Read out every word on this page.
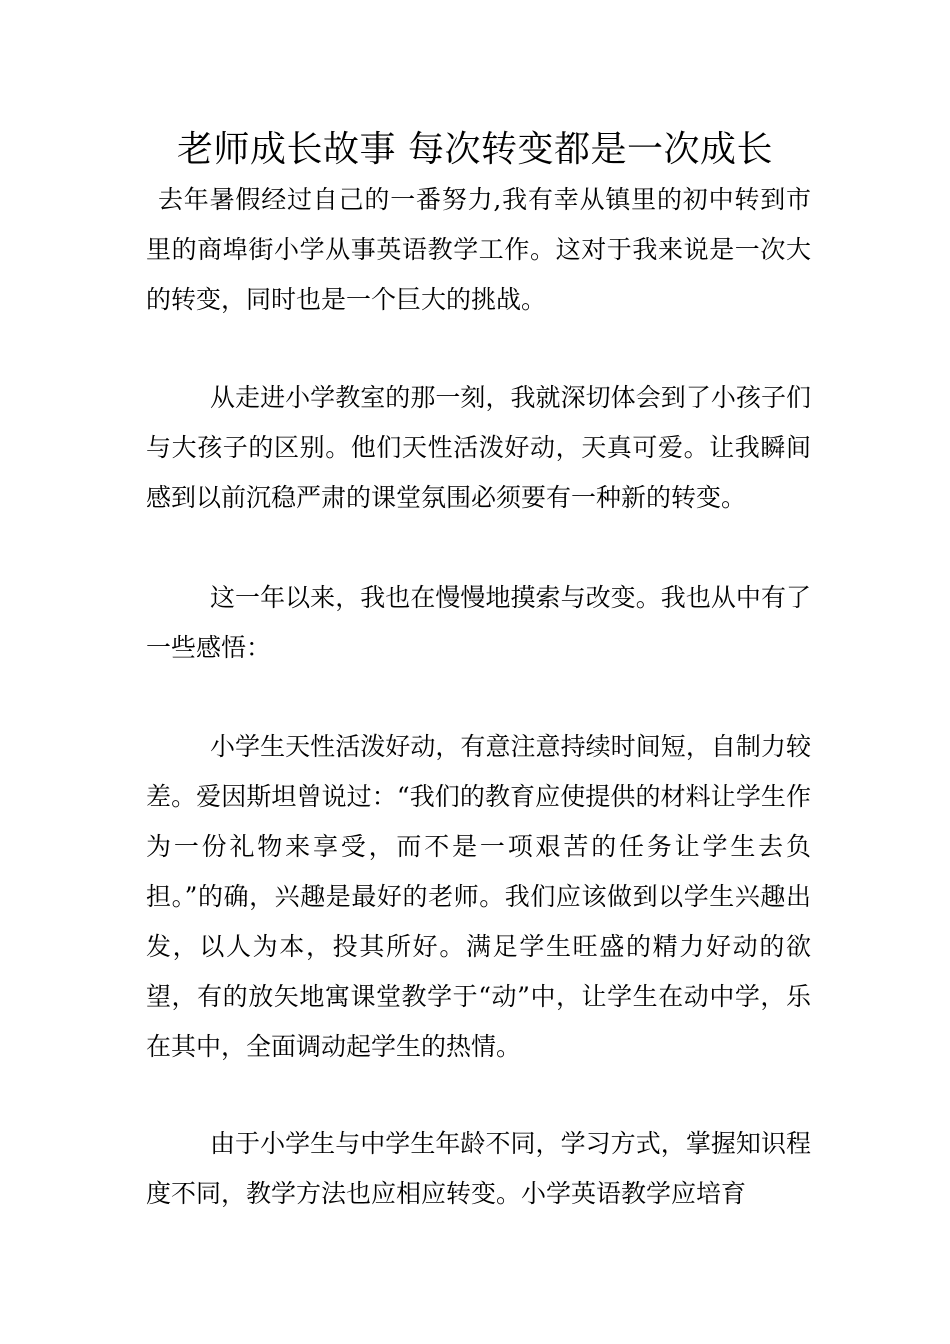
老师成长故事 每次转变都是一次成长

去年暑假经过自己的一番努力,我有幸从镇里的初中转到市里的商埠街小学从事英语教学工作。这对于我来说是一次大的转变，同时也是一个巨大的挑战。

从走进小学教室的那一刻，我就深切体会到了小孩子们与大孩子的区别。他们天性活泼好动，天真可爱。让我瞬间感到以前沉稳严肃的课堂氛围必须要有一种新的转变。

这一年以来，我也在慢慢地摸索与改变。我也从中有了一些感悟：

小学生天性活泼好动，有意注意持续时间短，自制力较差。爱因斯坦曾说过：“我们的教育应使提供的材料让学生作为一份礼物来享受，而不是一项艰苦的任务让学生去负担。”的确，兴趣是最好的老师。我们应该做到以学生兴趣出发，以人为本，投其所好。满足学生旺盛的精力好动的欲望，有的放矢地寓课堂教学于“动”中，让学生在动中学，乐在其中，全面调动起学生的热情。

由于小学生与中学生年龄不同，学习方式，掌握知识程度不同，教学方法也应相应转变。小学英语教学应培育
